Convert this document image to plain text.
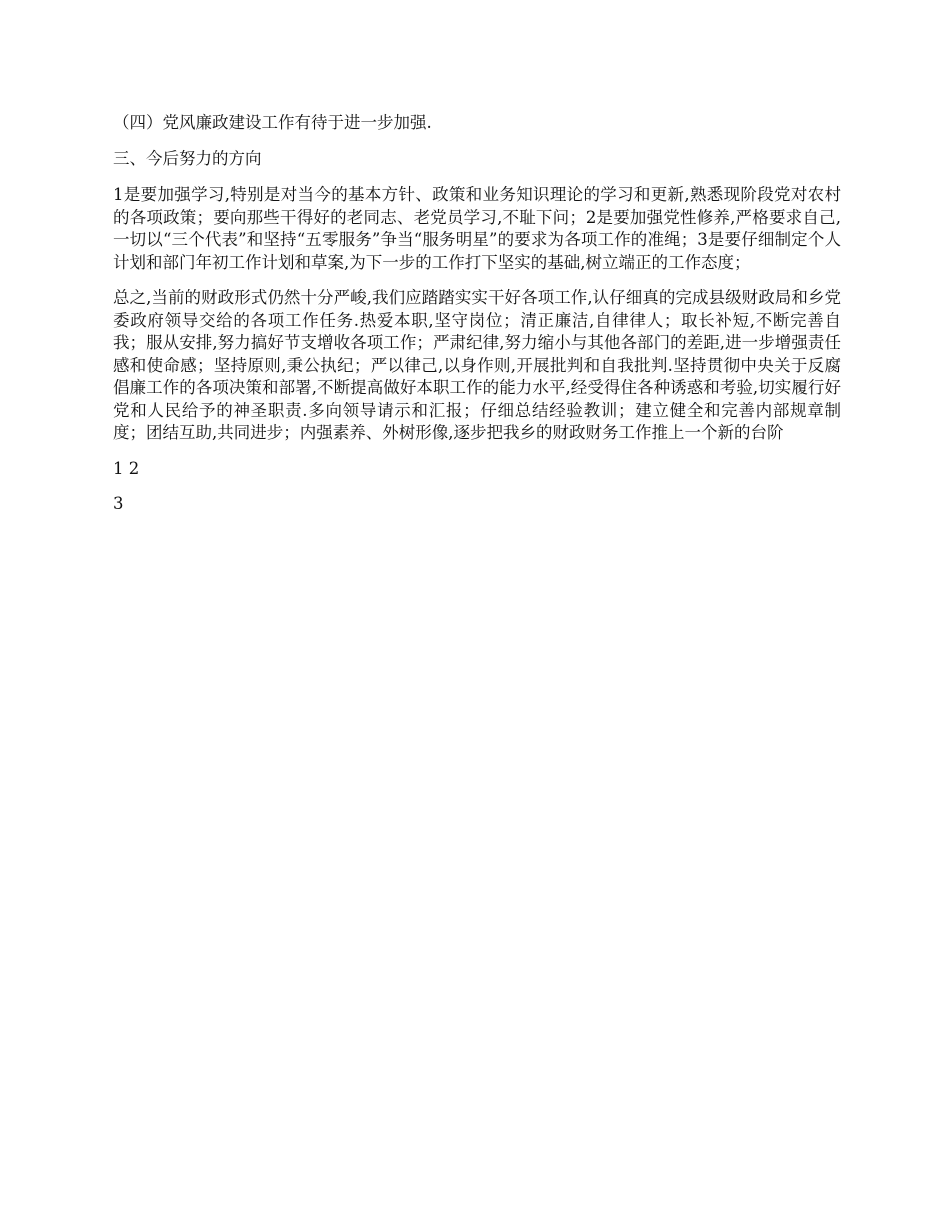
（四）党风廉政建设工作有待于进一步加强.

三、今后努力的方向

1是要加强学习,特别是对当今的基本方针、政策和业务知识理论的学习和更新,熟悉现阶段党对农村的各项政策；要向那些干得好的老同志、老党员学习,不耻下问；2是要加强党性修养,严格要求自己,一切以“三个代表”和坚持“五零服务”争当“服务明星”的要求为各项工作的准绳；3是要仔细制定个人计划和部门年初工作计划和草案,为下一步的工作打下坚实的基础,树立端正的工作态度；

总之,当前的财政形式仍然十分严峻,我们应踏踏实实干好各项工作,认仔细真的完成县级财政局和乡党委政府领导交给的各项工作任务.热爱本职,坚守岗位；清正廉洁,自律律人；取长补短,不断完善自我；服从安排,努力搞好节支增收各项工作；严肃纪律,努力缩小与其他各部门的差距,进一步增强责任感和使命感；坚持原则,秉公执纪；严以律己,以身作则,开展批判和自我批判.坚持贯彻中央关于反腐倡廉工作的各项决策和部署,不断提高做好本职工作的能力水平,经受得住各种诱惑和考验,切实履行好党和人民给予的神圣职责.多向领导请示和汇报；仔细总结经验教训；建立健全和完善内部规章制度；团结互助,共同进步；内强素养、外树形像,逐步把我乡的财政财务工作推上一个新的台阶

1 2

3
